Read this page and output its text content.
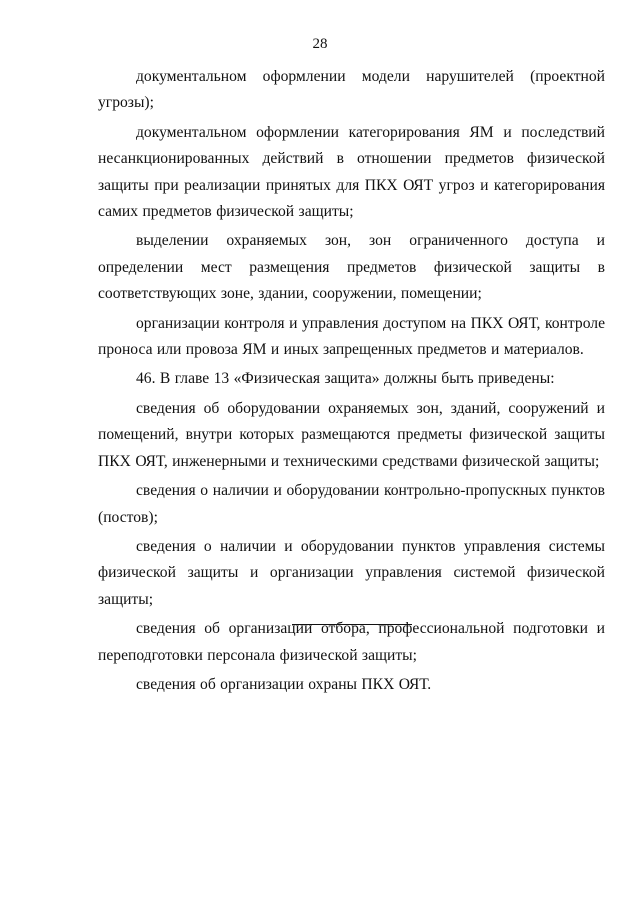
28

документальном оформлении модели нарушителей (проектной угрозы);

документальном оформлении категорирования ЯМ и последствий несанкционированных действий в отношении предметов физической защиты при реализации принятых для ПКХ ОЯТ угроз и категорирования самих предметов физической защиты;

выделении охраняемых зон, зон ограниченного доступа и определении мест размещения предметов физической защиты в соответствующих зоне, здании, сооружении, помещении;

организации контроля и управления доступом на ПКХ ОЯТ, контроле проноса или провоза ЯМ и иных запрещенных предметов и материалов.

46. В главе 13 «Физическая защита» должны быть приведены:

сведения об оборудовании охраняемых зон, зданий, сооружений и помещений, внутри которых размещаются предметы физической защиты ПКХ ОЯТ, инженерными и техническими средствами физической защиты;

сведения о наличии и оборудовании контрольно-пропускных пунктов (постов);

сведения о наличии и оборудовании пунктов управления системы физической защиты и организации управления системой физической защиты;

сведения об организации отбора, профессиональной подготовки и переподготовки персонала физической защиты;

сведения об организации охраны ПКХ ОЯТ.
